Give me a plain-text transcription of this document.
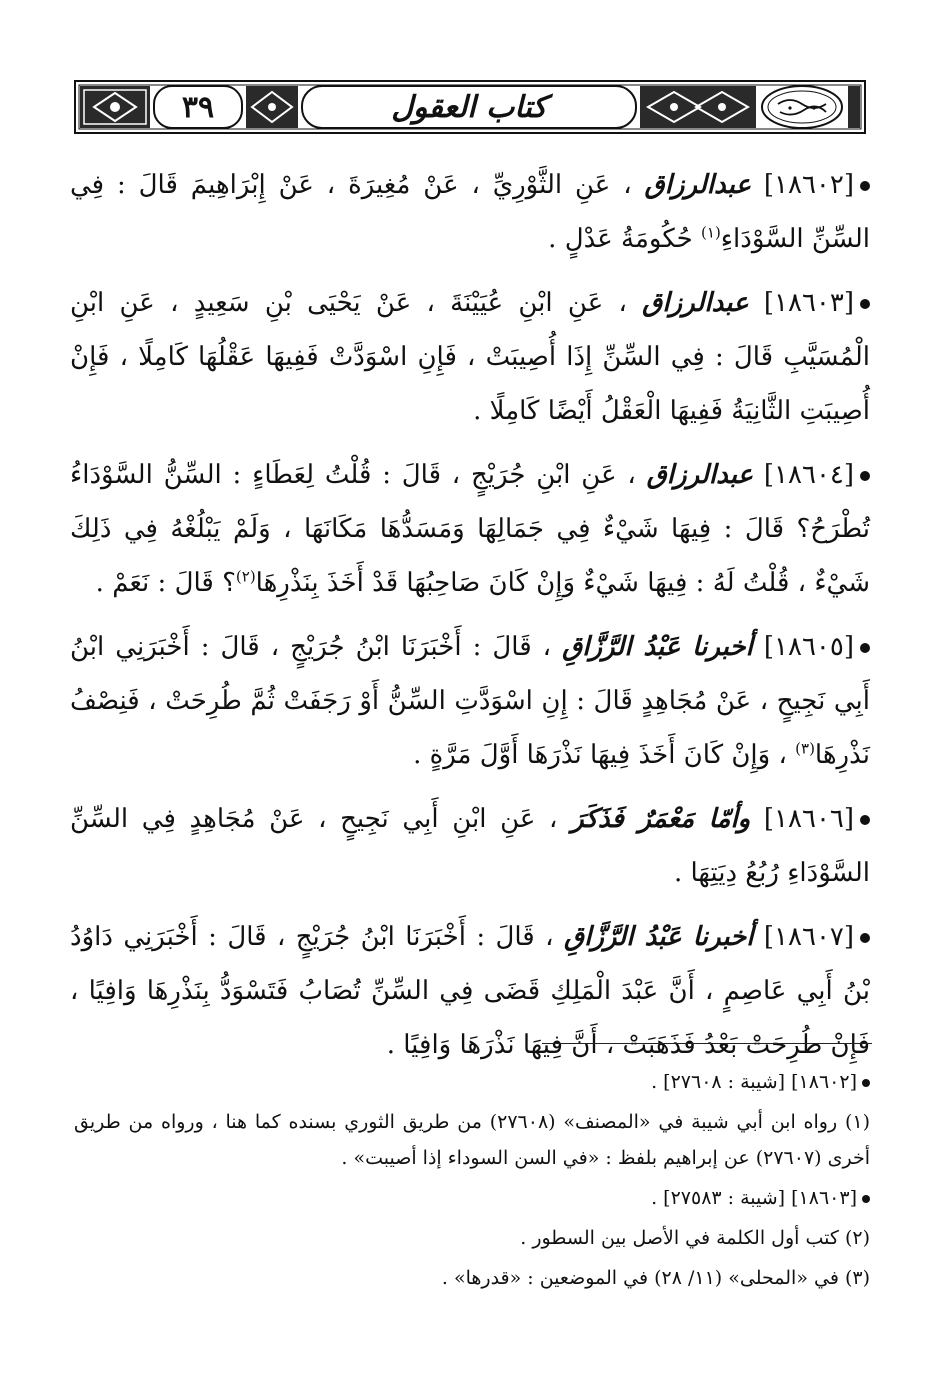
٣٩	كتاب العقول

[١٨٦٠٢] عبدالرزاق ، عَنِ الثَّوْرِيِّ ، عَنْ مُغِيرَةَ ، عَنْ إِبْرَاهِيمَ قَالَ : فِي السِّنِّ السَّوْدَاءِ$^{(١)}$ حُكُومَةُ عَدْلٍ .

[١٨٦٠٣] عبدالرزاق ، عَنِ ابْنِ عُيَيْنَةَ ، عَنْ يَحْيَى بْنِ سَعِيدٍ ، عَنِ ابْنِ الْمُسَيَّبِ قَالَ : فِي السِّنِّ إِذَا أُصِيبَتْ ، فَإِنِ اسْوَدَّتْ فَفِيهَا عَقْلُهَا كَامِلًا ، فَإِنْ أُصِيبَتِ الثَّانِيَةُ فَفِيهَا الْعَقْلُ أَيْضًا كَامِلًا .

[١٨٦٠٤] عبدالرزاق ، عَنِ ابْنِ جُرَيْجٍ ، قَالَ : قُلْتُ لِعَطَاءٍ : السِّنُّ السَّوْدَاءُ تُطْرَحُ؟ قَالَ : فِيهَا شَيْءٌ فِي جَمَالِهَا وَمَسَدُّهَا مَكَانَهَا ، وَلَمْ يَبْلُغْهُ فِي ذَلِكَ شَيْءٌ ، قُلْتُ لَهُ : فِيهَا شَيْءٌ وَإِنْ كَانَ صَاحِبُهَا قَدْ أَخَذَ بِنَذْرِهَا$^{(٢)}$؟ قَالَ : نَعَمْ .

[١٨٦٠٥] أخبرنا عَبْدُ الرَّزَّاقِ ، قَالَ : أَخْبَرَنَا ابْنُ جُرَيْجٍ ، قَالَ : أَخْبَرَنِي ابْنُ أَبِي نَجِيحٍ ، عَنْ مُجَاهِدٍ قَالَ : إِنِ اسْوَدَّتِ السِّنُّ أَوْ رَجَفَتْ ثُمَّ طُرِحَتْ ، فَنِصْفُ نَذْرِهَا$^{(٣)}$ ، وَإِنْ كَانَ أَخَذَ فِيهَا نَذْرَهَا أَوَّلَ مَرَّةٍ .

[١٨٦٠٦] وأمّا مَعْمَرٌ فَذَكَرَ ، عَنِ ابْنِ أَبِي نَجِيحٍ ، عَنْ مُجَاهِدٍ فِي السِّنِّ السَّوْدَاءِ رُبُعُ دِيَتِهَا .

[١٨٦٠٧] أخبرنا عَبْدُ الرَّزَّاقِ ، قَالَ : أَخْبَرَنَا ابْنُ جُرَيْجٍ ، قَالَ : أَخْبَرَنِي دَاوُدُ بْنُ أَبِي عَاصِمٍ ، أَنَّ عَبْدَ الْمَلِكِ قَضَى فِي السِّنِّ تُصَابُ فَتَسْوَدُّ بِنَذْرِهَا وَافِيًا ، فَإِنْ طُرِحَتْ بَعْدُ فَذَهَبَتْ ، أَنَّ فِيهَا نَذْرَهَا وَافِيًا .

[١٨٦٠٢] [شيبة : ٢٧٦٠٨] .

(١) رواه ابن أبي شيبة في «المصنف» (٢٧٦٠٨) من طريق الثوري بسنده كما هنا ، ورواه من طريق أخرى (٢٧٦٠٧) عن إبراهيم بلفظ : «في السن السوداء إذا أصيبت» .

[١٨٦٠٣] [شيبة : ٢٧٥٨٣] .

(٢) كتب أول الكلمة في الأصل بين السطور .

(٣) في «المحلى» (١١/ ٢٨) في الموضعين : «قدرها» .
